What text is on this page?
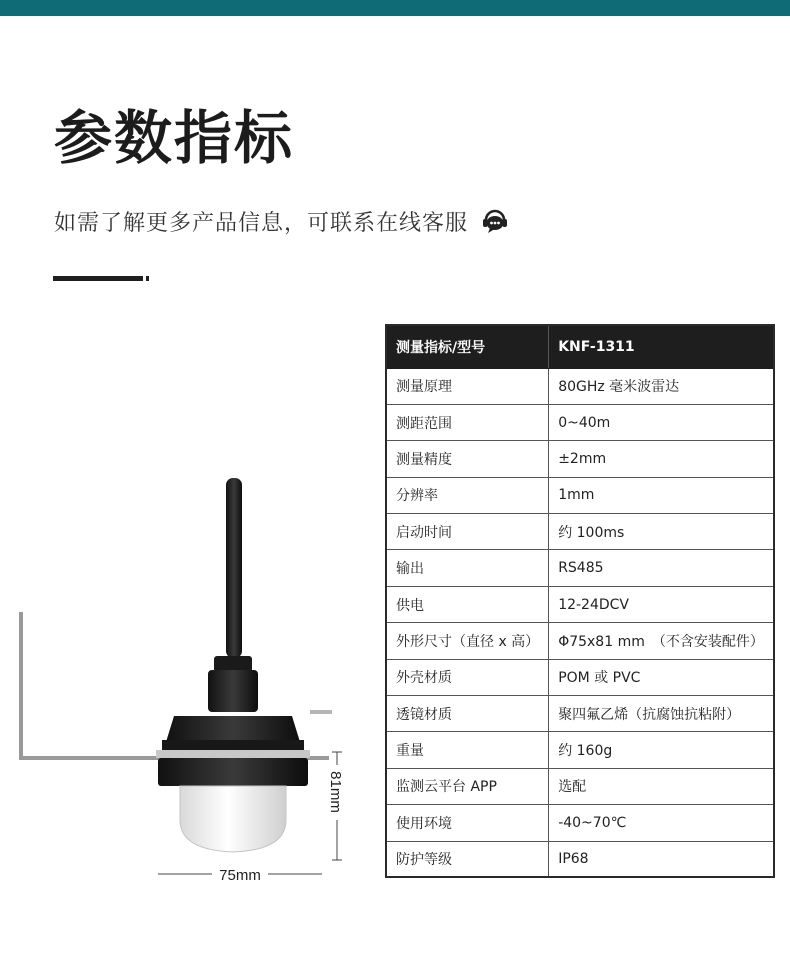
参数指标
如需了解更多产品信息，可联系在线客服
75mm
81mm
测量指标/型号	KNF-1311
测量原理	80GHz 毫米波雷达
测距范围	0~40m
测量精度	±2mm
分辨率	1mm
启动时间	约 100ms
输出	RS485
供电	12-24DCV
外形尺寸（直径 x 高）	Φ75x81 mm　（不含安装配件）
外壳材质	POM 或 PVC
透镜材质	聚四氟乙烯（抗腐蚀抗粘附）
重量	约 160g
监测云平台 APP	选配
使用环境	-40~70℃
防护等级	IP68
